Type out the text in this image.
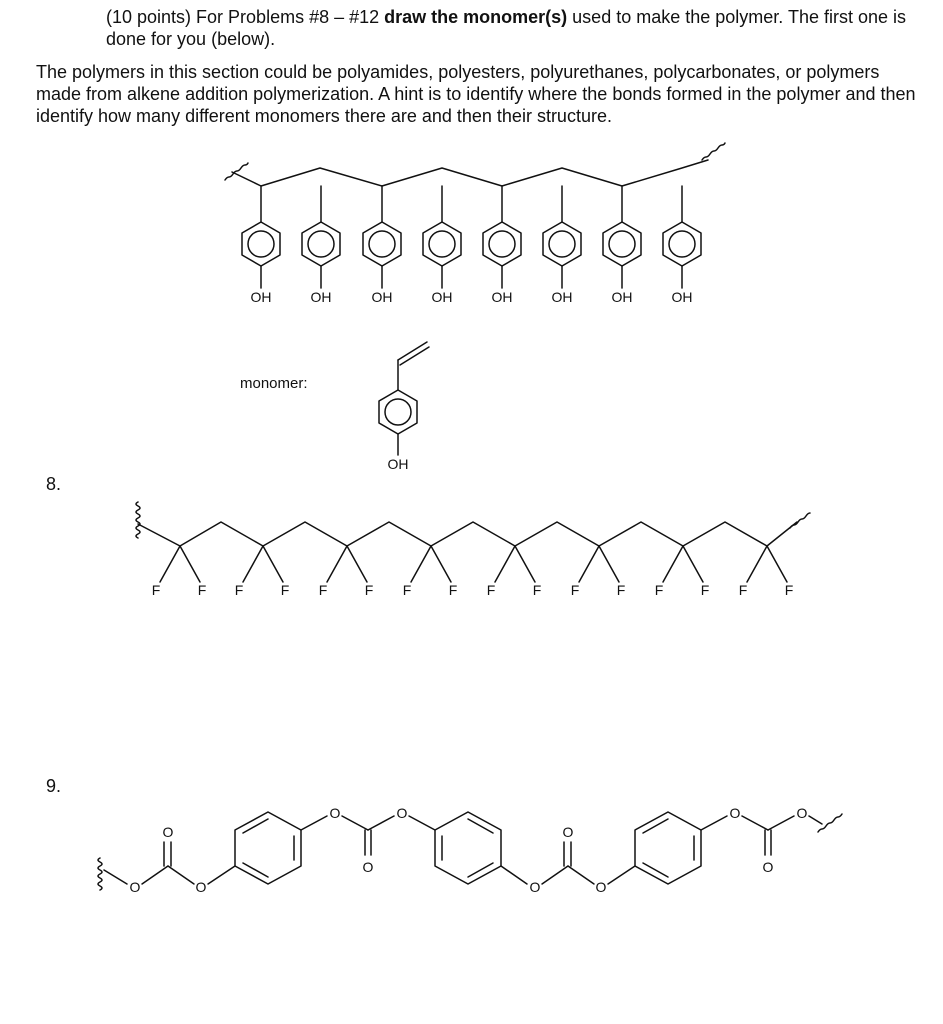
(10 points) For Problems #8 – #12 draw the monomer(s) used to make the polymer. The first one is done for you (below).
The polymers in this section could be polyamides, polyesters, polyurethanes, polycarbonates, or polymers made from alkene addition polymerization. A hint is to identify where the bonds formed in the polymer and then identify how many different monomers there are and then their structure.
8.
9.
OH	OH	OH	OH	OH	OH	OH	OH
monomer:
OH
F	F F	F F	F F	F F	F F	F F	F F	F
O
O
O
O
O
O
O
O
O
O
O
O
